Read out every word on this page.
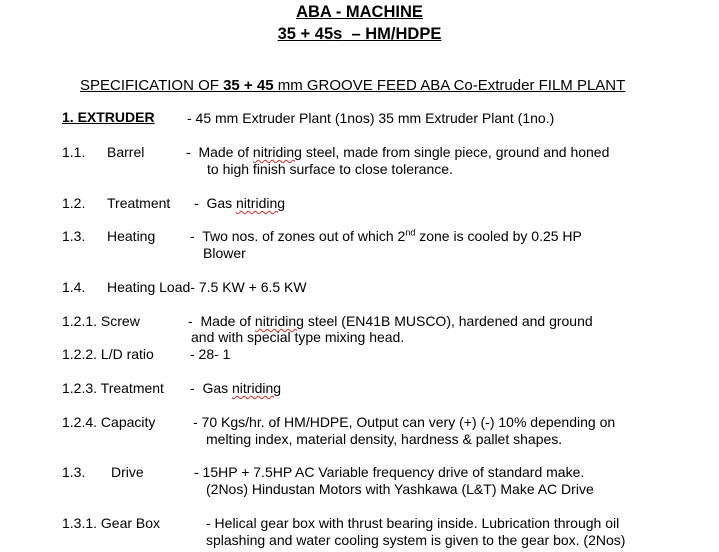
ABA - MACHINE
35 + 45s  – HM/HDPE
SPECIFICATION OF 35 + 45 mm GROOVE FEED ABA Co-Extruder FILM PLANT
1. EXTRUDER - 45 mm Extruder Plant (1nos) 35 mm Extruder Plant (1no.)
1.1. Barrel	-  Made of nitriding steel, made from single piece, ground and honed
to high finish surface to close tolerance.
1.2. Treatment -  Gas nitriding
1.3. Heating -  Two nos. of zones out of which 2nd zone is cooled by 0.25 HP
Blower
1.4. Heating Load- 7.5 KW + 6.5 KW
1.2.1. Screw	-  Made of nitriding steel (EN41B MUSCO), hardened and ground
and with special type mixing head.
1.2.2. L/D ratio	- 28- 1
1.2.3. Treatment -  Gas nitriding
1.2.4. Capacity	- 70 Kgs/hr. of HM/HDPE, Output can very (+) (-) 10% depending on
melting index, material density, hardness & pallet shapes.
1.3. Drive	- 15HP + 7.5HP AC Variable frequency drive of standard make.
(2Nos) Hindustan Motors with Yashkawa (L&T) Make AC Drive
1.3.1. Gear Box	- Helical gear box with thrust bearing inside. Lubrication through oil
splashing and water cooling system is given to the gear box. (2Nos)
